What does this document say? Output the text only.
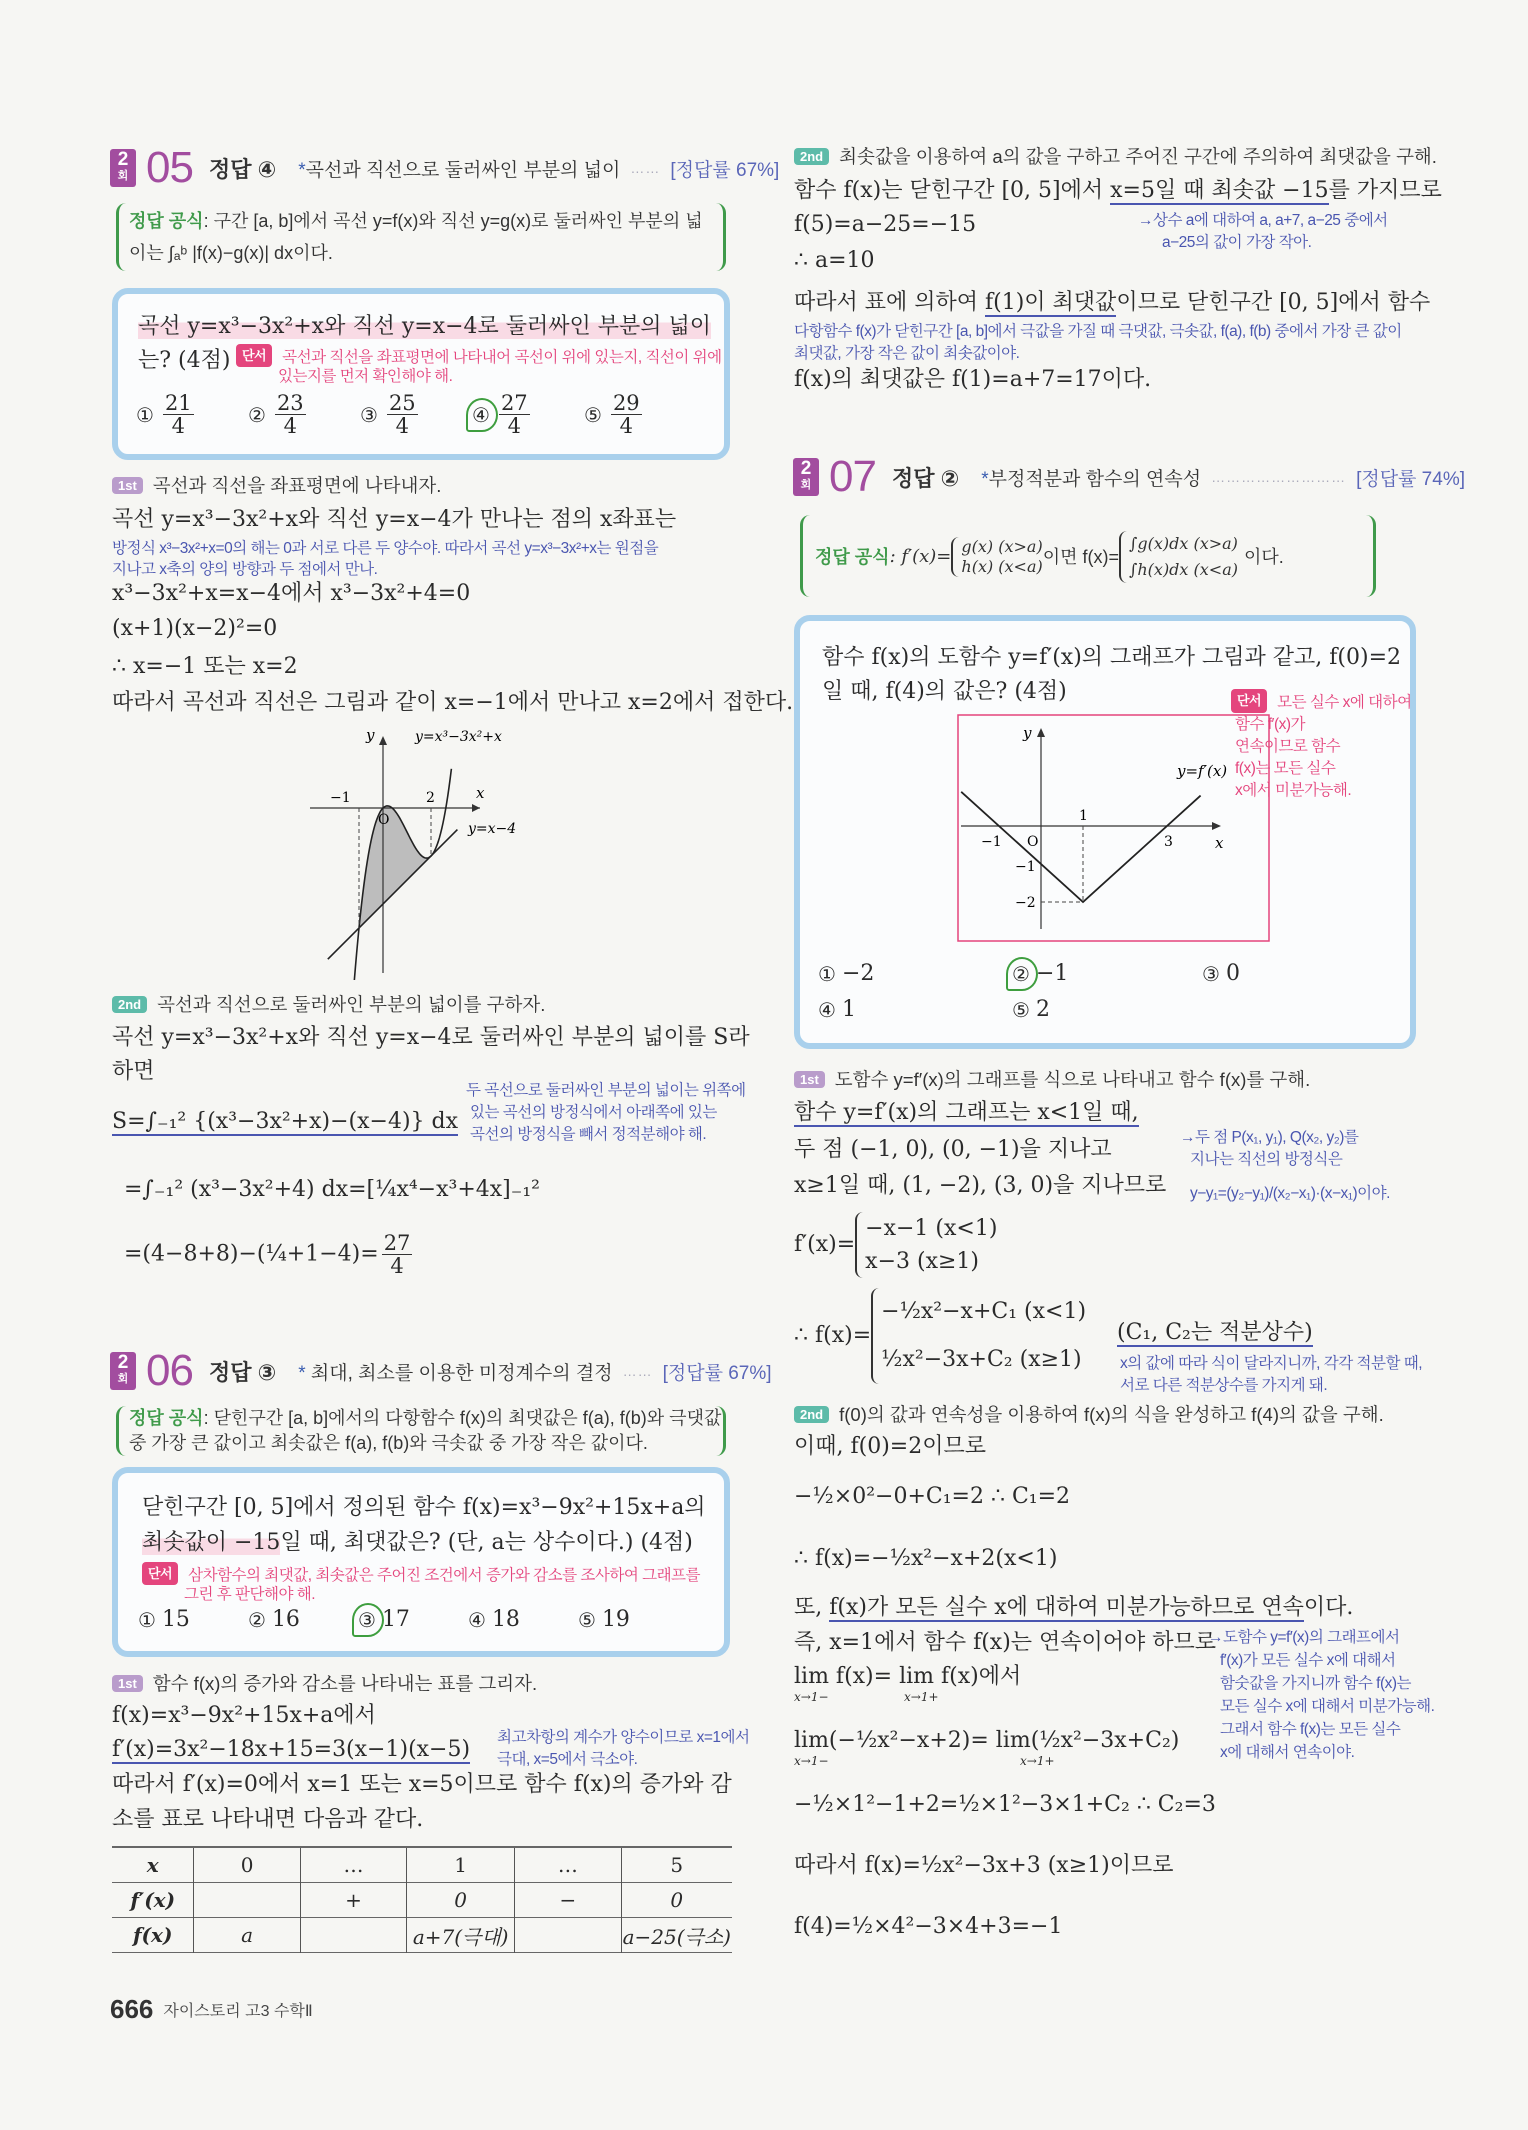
2
회 05 정답 ④ *곡선과 직선으로 둘러싸인 부분의 넓이 …… [정답률 67%]
정답 공식: 구간 [a, b]에서 곡선 y=f(x)와 직선 y=g(x)로 둘러싸인 부분의 넓
이는 ∫ₐᵇ |f(x)−g(x)| dx이다.
곡선 y=x³−3x²+x와 직선 y=x−4로 둘러싸인 부분의 넓이
는? (4점) 단서 곡선과 직선을 좌표평면에 나타내어 곡선이 위에 있는지, 직선이 위에
있는지를 먼저 확인해야 해.
① $\frac{21}{4}$	② $\frac{23}{4}$	③ $\frac{25}{4}$	④ $\frac{27}{4}$	⑤ $\frac{29}{4}$
1st 곡선과 직선을 좌표평면에 나타내자.
곡선 y=x³−3x²+x와 직선 y=x−4가 만나는 점의 x좌표는
방정식 x³−3x²+x=0의 해는 0과 서로 다른 두 양수야. 따라서 곡선 y=x³−3x²+x는 원점을
지나고 x축의 양의 방향과 두 점에서 만나.
x³−3x²+x=x−4에서 x³−3x²+4=0
(x+1)(x−2)²=0
∴ x=−1 또는 x=2
따라서 곡선과 직선은 그림과 같이 x=−1에서 만나고 x=2에서 접한다.
y
x
y=x³−3x²+x
y=x−4
−1
O
2
2nd 곡선과 직선으로 둘러싸인 부분의 넓이를 구하자.
곡선 y=x³−3x²+x와 직선 y=x−4로 둘러싸인 부분의 넓이를 S라
하면
S=∫₋₁² {(x³−3x²+x)−(x−4)} dx
두 곡선으로 둘러싸인 부분의 넓이는 위쪽에
있는 곡선의 방정식에서 아래쪽에 있는
곡선의 방정식을 빼서 정적분해야 해.
=∫₋₁² (x³−3x²+4) dx=[¼x⁴−x³+4x]₋₁²
=(4−8+8)−(¼+1−4)= $\frac{27}{4}$
2
회 06 정답 ③ * 최대, 최소를 이용한 미정계수의 결정 …… [정답률 67%]
정답 공식: 닫힌구간 [a, b]에서의 다항함수 f(x)의 최댓값은 f(a), f(b)와 극댓값
중 가장 큰 값이고 최솟값은 f(a), f(b)와 극솟값 중 가장 작은 값이다.
닫힌구간 [0, 5]에서 정의된 함수 f(x)=x³−9x²+15x+a의
최솟값이 −15일 때, 최댓값은? (단, a는 상수이다.) (4점)
단서 삼차함수의 최댓값, 최솟값은 주어진 조건에서 증가와 감소를 조사하여 그래프를
그린 후 판단해야 해.
① 15	② 16	③ 17	④ 18	⑤ 19
1st 함수 f(x)의 증가와 감소를 나타내는 표를 그리자.
f(x)=x³−9x²+15x+a에서
f′(x)=3x²−18x+15=3(x−1)(x−5) 최고차항의 계수가 양수이므로 x=1에서
극대, x=5에서 극소야.
따라서 f′(x)=0에서 x=1 또는 x=5이므로 함수 f(x)의 증가와 감
소를 표로 나타내면 다음과 같다.
x	0	…	1	…	5
f′(x)		+	0	−	0
f(x)	a		a+7(극대)		a−25(극소)
666 자이스토리 고3 수학Ⅱ
2nd 최솟값을 이용하여 a의 값을 구하고 주어진 구간에 주의하여 최댓값을 구해.
함수 f(x)는 닫힌구간 [0, 5]에서 x=5일 때 최솟값 −15를 가지므로
f(5)=a−25=−15	→상수 a에 대하여 a, a+7, a−25 중에서
a−25의 값이 가장 작아.
∴ a=10
따라서 표에 의하여 f(1)이 최댓값이므로 닫힌구간 [0, 5]에서 함수
다항함수 f(x)가 닫힌구간 [a, b]에서 극값을 가질 때 극댓값, 극솟값, f(a), f(b) 중에서 가장 큰 값이
최댓값, 가장 작은 값이 최솟값이야.
f(x)의 최댓값은 f(1)=a+7=17이다.
2
회 07 정답 ② *부정적분과 함수의 연속성 ……………………… [정답률 74%]
정답 공식 : f′(x)= g(x) (x>a)
h(x) (x<a) 이면 f(x)=
∫g(x)dx (x>a)
∫h(x)dx (x<a)
이다.
함수 f(x)의 도함수 y=f′(x)의 그래프가 그림과 같고, f(0)=2
일 때, f(4)의 값은? (4점)	단서 모든 실수 x에 대하여
함수 f′(x)가
연속이므로 함수
f(x)는 모든 실수
x에서 미분가능해.
y
x
y=f′(x)
1
−1 O	3
−1
−2
① −2	② −1	③ 0
④ 1	⑤ 2
1st 도함수 y=f′(x)의 그래프를 식으로 나타내고 함수 f(x)를 구해.
함수 y=f′(x)의 그래프는 x<1일 때,
두 점 (−1, 0), (0, −1)을 지나고
x≥1일 때, (1, −2), (3, 0)을 지나므로
→두 점 P(x₁, y₁), Q(x₂, y₂)를
지나는 직선의 방정식은
y−y₁=(y₂−y₁)/(x₂−x₁)·(x−x₁)이야.
f′(x)=
−x−1 (x<1)
x−3 (x≥1)
∴ f(x)=
−½x²−x+C₁ (x<1)
½x²−3x+C₂ (x≥1)
(C₁, C₂는 적분상수)
x의 값에 따라 식이 달라지니까, 각각 적분할 때,
서로 다른 적분상수를 가지게 돼.
2nd f(0)의 값과 연속성을 이용하여 f(x)의 식을 완성하고 f(4)의 값을 구해.
이때, f(0)=2이므로
−½×0²−0+C₁=2 ∴ C₁=2
∴ f(x)=−½x²−x+2(x<1)
또, f(x)가 모든 실수 x에 대하여 미분가능하므로 연속이다.
즉, x=1에서 함수 f(x)는 연속이어야 하므로
lim f(x)= lim f(x)에서
x→1−	x→1+
→도함수 y=f′(x)의 그래프에서
f′(x)가 모든 실수 x에 대해서
함숫값을 가지니까 함수 f(x)는
모든 실수 x에 대해서 미분가능해.
그래서 함수 f(x)는 모든 실수
x에 대해서 연속이야.
lim(−½x²−x+2)= lim(½x²−3x+C₂)
x→1−	x→1+
−½×1²−1+2=½×1²−3×1+C₂ ∴ C₂=3
따라서 f(x)=½x²−3x+3 (x≥1)이므로
f(4)=½×4²−3×4+3=−1
